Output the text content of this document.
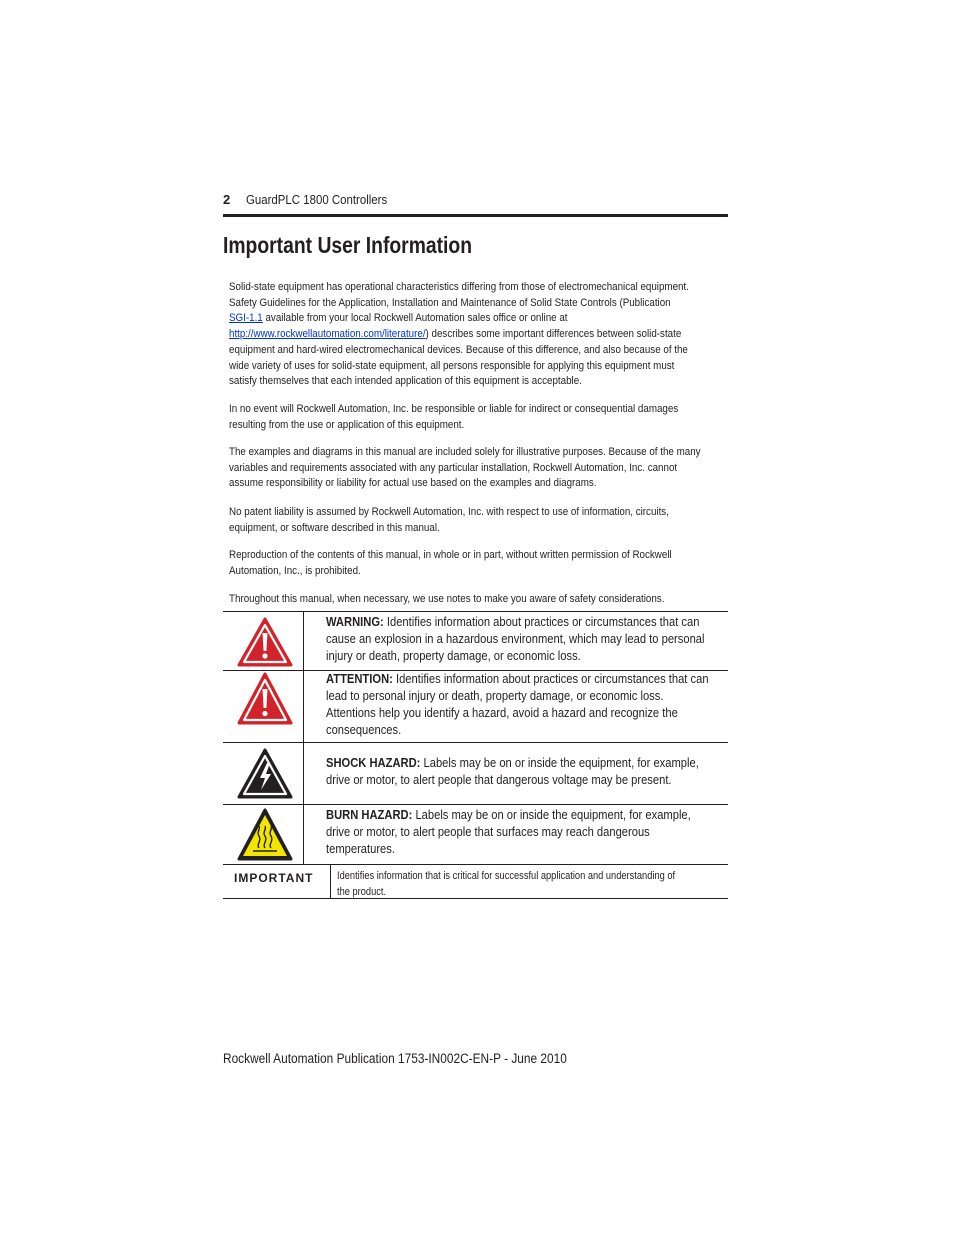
2 GuardPLC 1800 Controllers
Important User Information
Solid-state equipment has operational characteristics differing from those of electromechanical equipment.
Safety Guidelines for the Application, Installation and Maintenance of Solid State Controls (Publication
SGI-1.1 available from your local Rockwell Automation sales office or online at
http://www.rockwellautomation.com/literature/) describes some important differences between solid-state
equipment and hard-wired electromechanical devices. Because of this difference, and also because of the
wide variety of uses for solid-state equipment, all persons responsible for applying this equipment must
satisfy themselves that each intended application of this equipment is acceptable.
In no event will Rockwell Automation, Inc. be responsible or liable for indirect or consequential damages
resulting from the use or application of this equipment.
The examples and diagrams in this manual are included solely for illustrative purposes. Because of the many
variables and requirements associated with any particular installation, Rockwell Automation, Inc. cannot
assume responsibility or liability for actual use based on the examples and diagrams.
No patent liability is assumed by Rockwell Automation, Inc. with respect to use of information, circuits,
equipment, or software described in this manual.
Reproduction of the contents of this manual, in whole or in part, without written permission of Rockwell
Automation, Inc., is prohibited.
Throughout this manual, when necessary, we use notes to make you aware of safety considerations.
WARNING: Identifies information about practices or circumstances that can
cause an explosion in a hazardous environment, which may lead to personal
injury or death, property damage, or economic loss.
ATTENTION: Identifies information about practices or circumstances that can
lead to personal injury or death, property damage, or economic loss.
Attentions help you identify a hazard, avoid a hazard and recognize the
consequences.
SHOCK HAZARD: Labels may be on or inside the equipment, for example,
drive or motor, to alert people that dangerous voltage may be present.
BURN HAZARD: Labels may be on or inside the equipment, for example,
drive or motor, to alert people that surfaces may reach dangerous
temperatures.
IMPORTANT Identifies information that is critical for successful application and understanding of
the product.
Rockwell Automation Publication 1753-IN002C-EN-P - June 2010
